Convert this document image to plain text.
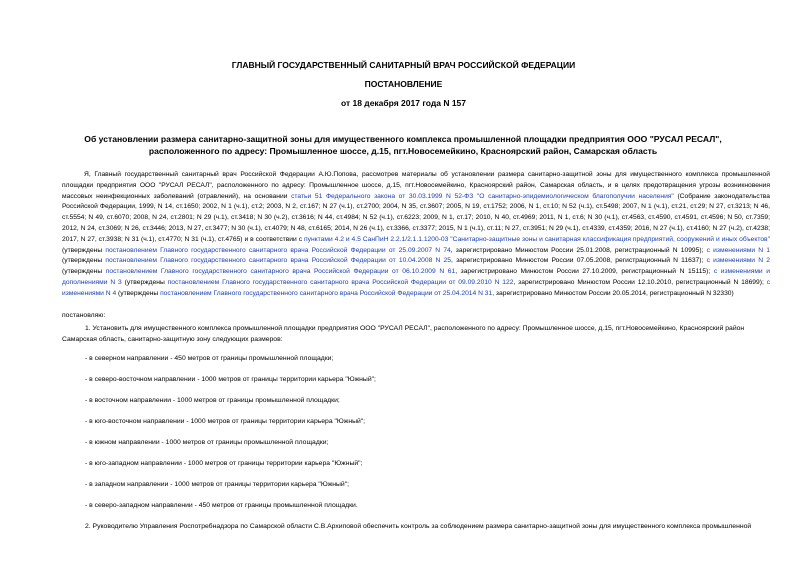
ГЛАВНЫЙ ГОСУДАРСТВЕННЫЙ САНИТАРНЫЙ ВРАЧ РОССИЙСКОЙ ФЕДЕРАЦИИ
ПОСТАНОВЛЕНИЕ
от 18 декабря 2017 года N 157
Об установлении размера санитарно-защитной зоны для имущественного комплекса промышленной площадки предприятия ООО "РУСАЛ РЕСАЛ", расположенного по адресу: Промышленное шоссе, д.15, пгт.Новосемейкино, Красноярский район, Самарская область
Я, Главный государственный санитарный врач Российской Федерации А.Ю.Попова, рассмотрев материалы об установлении размера санитарно-защитной зоны для имущественного комплекса промышленной площадки предприятия ООО "РУСАЛ РЕСАЛ", расположенного по адресу: Промышленное шоссе, д.15, пгт.Новосемейкино, Красноярский район, Самарская область, и в целях предотвращения угрозы возникновения массовых неинфекционных заболеваний (отравлений), на основании статьи 51 Федерального закона от 30.03.1999 N 52-ФЗ "О санитарно-эпидемиологическом благополучии населения" (Собрание законодательства Российской Федерации, 1999, N 14, ст.1650; 2002, N 1 (ч.1), ст.2; 2003, N 2, ст.167; N 27 (ч.1), ст.2700; 2004, N 35, ст.3607; 2005, N 19, ст.1752; 2006, N 1, ст.10; N 52 (ч.1), ст.5498; 2007, N 1 (ч.1), ст.21, ст.29; N 27, ст.3213; N 46, ст.5554; N 49, ст.6070; 2008, N 24, ст.2801; N 29 (ч.1), ст.3418; N 30 (ч.2), ст.3616; N 44, ст.4984; N 52 (ч.1), ст.6223; 2009, N 1, ст.17; 2010, N 40, ст.4969; 2011, N 1, ст.6; N 30 (ч.1), ст.4563, ст.4590, ст.4591, ст.4596; N 50, ст.7359; 2012, N 24, ст.3069; N 26, ст.3446; 2013, N 27, ст.3477; N 30 (ч.1), ст.4079; N 48, ст.6165; 2014, N 26 (ч.1), ст.3366, ст.3377; 2015, N 1 (ч.1), ст.11; N 27, ст.3951; N 29 (ч.1), ст.4339, ст.4359; 2016, N 27 (ч.1), ст.4160; N 27 (ч.2), ст.4238; 2017, N 27, ст.3938; N 31 (ч.1), ст.4770; N 31 (ч.1), ст.4765) и в соответствии с пунктами 4.2 и 4.5 СанПиН 2.2.1/2.1.1.1200-03 "Санитарно-защитные зоны и санитарная классификация предприятий, сооружений и иных объектов" (утверждены постановлением Главного государственного санитарного врача Российской Федерации от 25.09.2007 N 74, зарегистрировано Минюстом России 25.01.2008, регистрационный N 10995); с изменениями N 1 (утверждены постановлением Главного государственного санитарного врача Российской Федерации от 10.04.2008 N 25, зарегистрировано Минюстом России 07.05.2008, регистрационный N 11637); с изменениями N 2 (утверждены постановлением Главного государственного санитарного врача Российской Федерации от 06.10.2009 N 61, зарегистрировано Минюстом России 27.10.2009, регистрационный N 15115); с изменениями и дополнениями N 3 (утверждены постановлением Главного государственного санитарного врача Российской Федерации от 09.09.2010 N 122, зарегистрировано Минюстом России 12.10.2010, регистрационный N 18699); с изменениями N 4 (утверждены постановлением Главного государственного санитарного врача Российской Федерации от 25.04.2014 N 31, зарегистрировано Минюстом России 20.05.2014, регистрационный N 32330)
постановляю:
1. Установить для имущественного комплекса промышленной площадки предприятия ООО "РУСАЛ РЕСАЛ", расположенного по адресу: Промышленное шоссе, д.15, пгт.Новосемейкино, Красноярский район Самарская область, санитарно-защитную зону следующих размеров:
- в северном направлении - 450 метров от границы промышленной площадки;
- в северо-восточном направлении - 1000 метров от границы территории карьера "Южный";
- в восточном направлении - 1000 метров от границы промышленной площадки;
- в юго-восточном направлении - 1000 метров от границы территории карьера "Южный";
- в южном направлении - 1000 метров от границы промышленной площадки;
- в юго-западном направлении - 1000 метров от границы территории карьера "Южный";
- в западном направлении - 1000 метров от границы территории карьера "Южный";
- в северо-западном направлении - 450 метров от границы промышленной площадки.
2. Руководителю Управления Роспотребнадзора по Самарской области С.В.Архиповой обеспечить контроль за соблюдением размера санитарно-защитной зоны для имущественного комплекса промышленной
